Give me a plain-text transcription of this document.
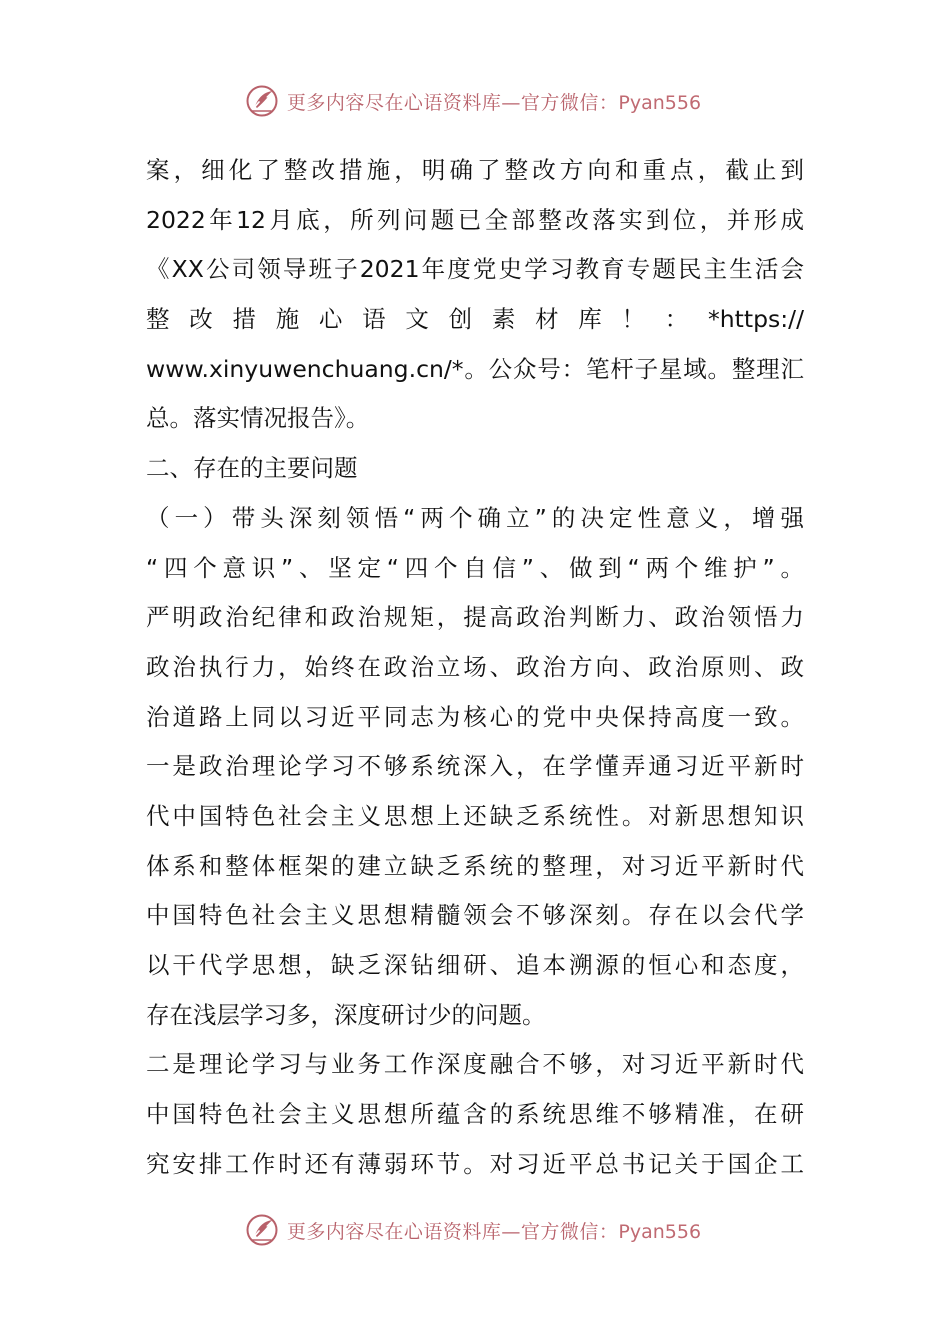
更多内容尽在心语资料库—官方微信：Pyan556
案，细化了整改措施，明确了整改方向和重点，截止到
2022年12月底，所列问题已全部整改落实到位，并形成
《XX公司领导班子2021年度党史学习教育专题民主生活会
整改措施心语文创素材库！：*https://
www.xinyuwenchuang.cn/*。公众号：笔杆子星域。整理汇
总。落实情况报告》。
二、存在的主要问题
（一）带头深刻领悟“两个确立”的决定性意义，增强
“四个意识”、坚定“四个自信”、做到“两个维护”。
严明政治纪律和政治规矩，提高政治判断力、政治领悟力
政治执行力，始终在政治立场、政治方向、政治原则、政
治道路上同以习近平同志为核心的党中央保持高度一致。
一是政治理论学习不够系统深入，在学懂弄通习近平新时
代中国特色社会主义思想上还缺乏系统性。对新思想知识
体系和整体框架的建立缺乏系统的整理，对习近平新时代
中国特色社会主义思想精髓领会不够深刻。存在以会代学
以干代学思想，缺乏深钻细研、追本溯源的恒心和态度，
存在浅层学习多，深度研讨少的问题。
二是理论学习与业务工作深度融合不够，对习近平新时代
中国特色社会主义思想所蕴含的系统思维不够精准，在研
究安排工作时还有薄弱环节。对习近平总书记关于国企工
更多内容尽在心语资料库—官方微信：Pyan556
